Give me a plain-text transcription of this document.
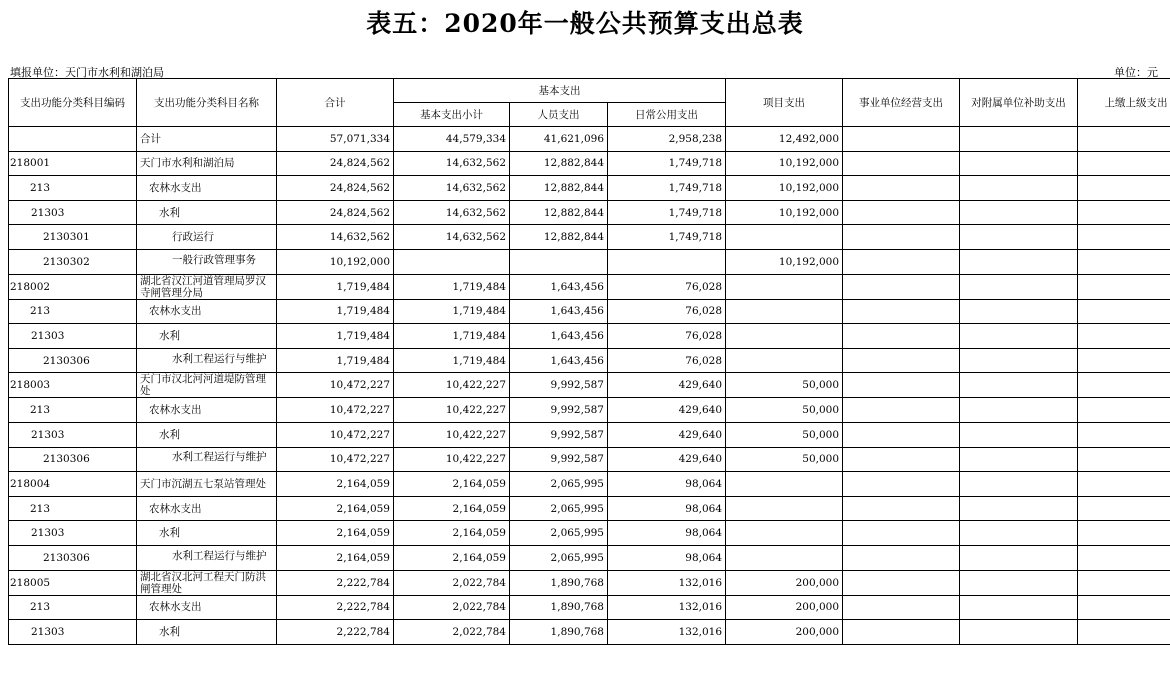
表五：2020年一般公共预算支出总表
填报单位：天门市水利和湖泊局	单位：元
支出功能分类科目编码	支出功能分类科目名称	合计	基本支出			项目支出	事业单位经营支出	对附属单位补助支出	上缴上级支出
			基本支出小计	人员支出	日常公用支出				
	合计	57,071,334	44,579,334	41,621,096	2,958,238	12,492,000			
218001	天门市水利和湖泊局	24,824,562	14,632,562	12,882,844	1,749,718	10,192,000			
213	农林水支出	24,824,562	14,632,562	12,882,844	1,749,718	10,192,000			
21303	水利	24,824,562	14,632,562	12,882,844	1,749,718	10,192,000			
2130301	行政运行	14,632,562	14,632,562	12,882,844	1,749,718				
2130302	一般行政管理事务	10,192,000				10,192,000			
218002	湖北省汉江河道管理局罗汉寺闸管理分局	1,719,484	1,719,484	1,643,456	76,028				
213	农林水支出	1,719,484	1,719,484	1,643,456	76,028				
21303	水利	1,719,484	1,719,484	1,643,456	76,028				
2130306	水利工程运行与维护	1,719,484	1,719,484	1,643,456	76,028				
218003	天门市汉北河河道堤防管理处	10,472,227	10,422,227	9,992,587	429,640	50,000			
213	农林水支出	10,472,227	10,422,227	9,992,587	429,640	50,000			
21303	水利	10,472,227	10,422,227	9,992,587	429,640	50,000			
2130306	水利工程运行与维护	10,472,227	10,422,227	9,992,587	429,640	50,000			
218004	天门市沉湖五七泵站管理处	2,164,059	2,164,059	2,065,995	98,064				
213	农林水支出	2,164,059	2,164,059	2,065,995	98,064				
21303	水利	2,164,059	2,164,059	2,065,995	98,064				
2130306	水利工程运行与维护	2,164,059	2,164,059	2,065,995	98,064				
218005	湖北省汉北河工程天门防洪闸管理处	2,222,784	2,022,784	1,890,768	132,016	200,000			
213	农林水支出	2,222,784	2,022,784	1,890,768	132,016	200,000			
21303	水利	2,222,784	2,022,784	1,890,768	132,016	200,000			
